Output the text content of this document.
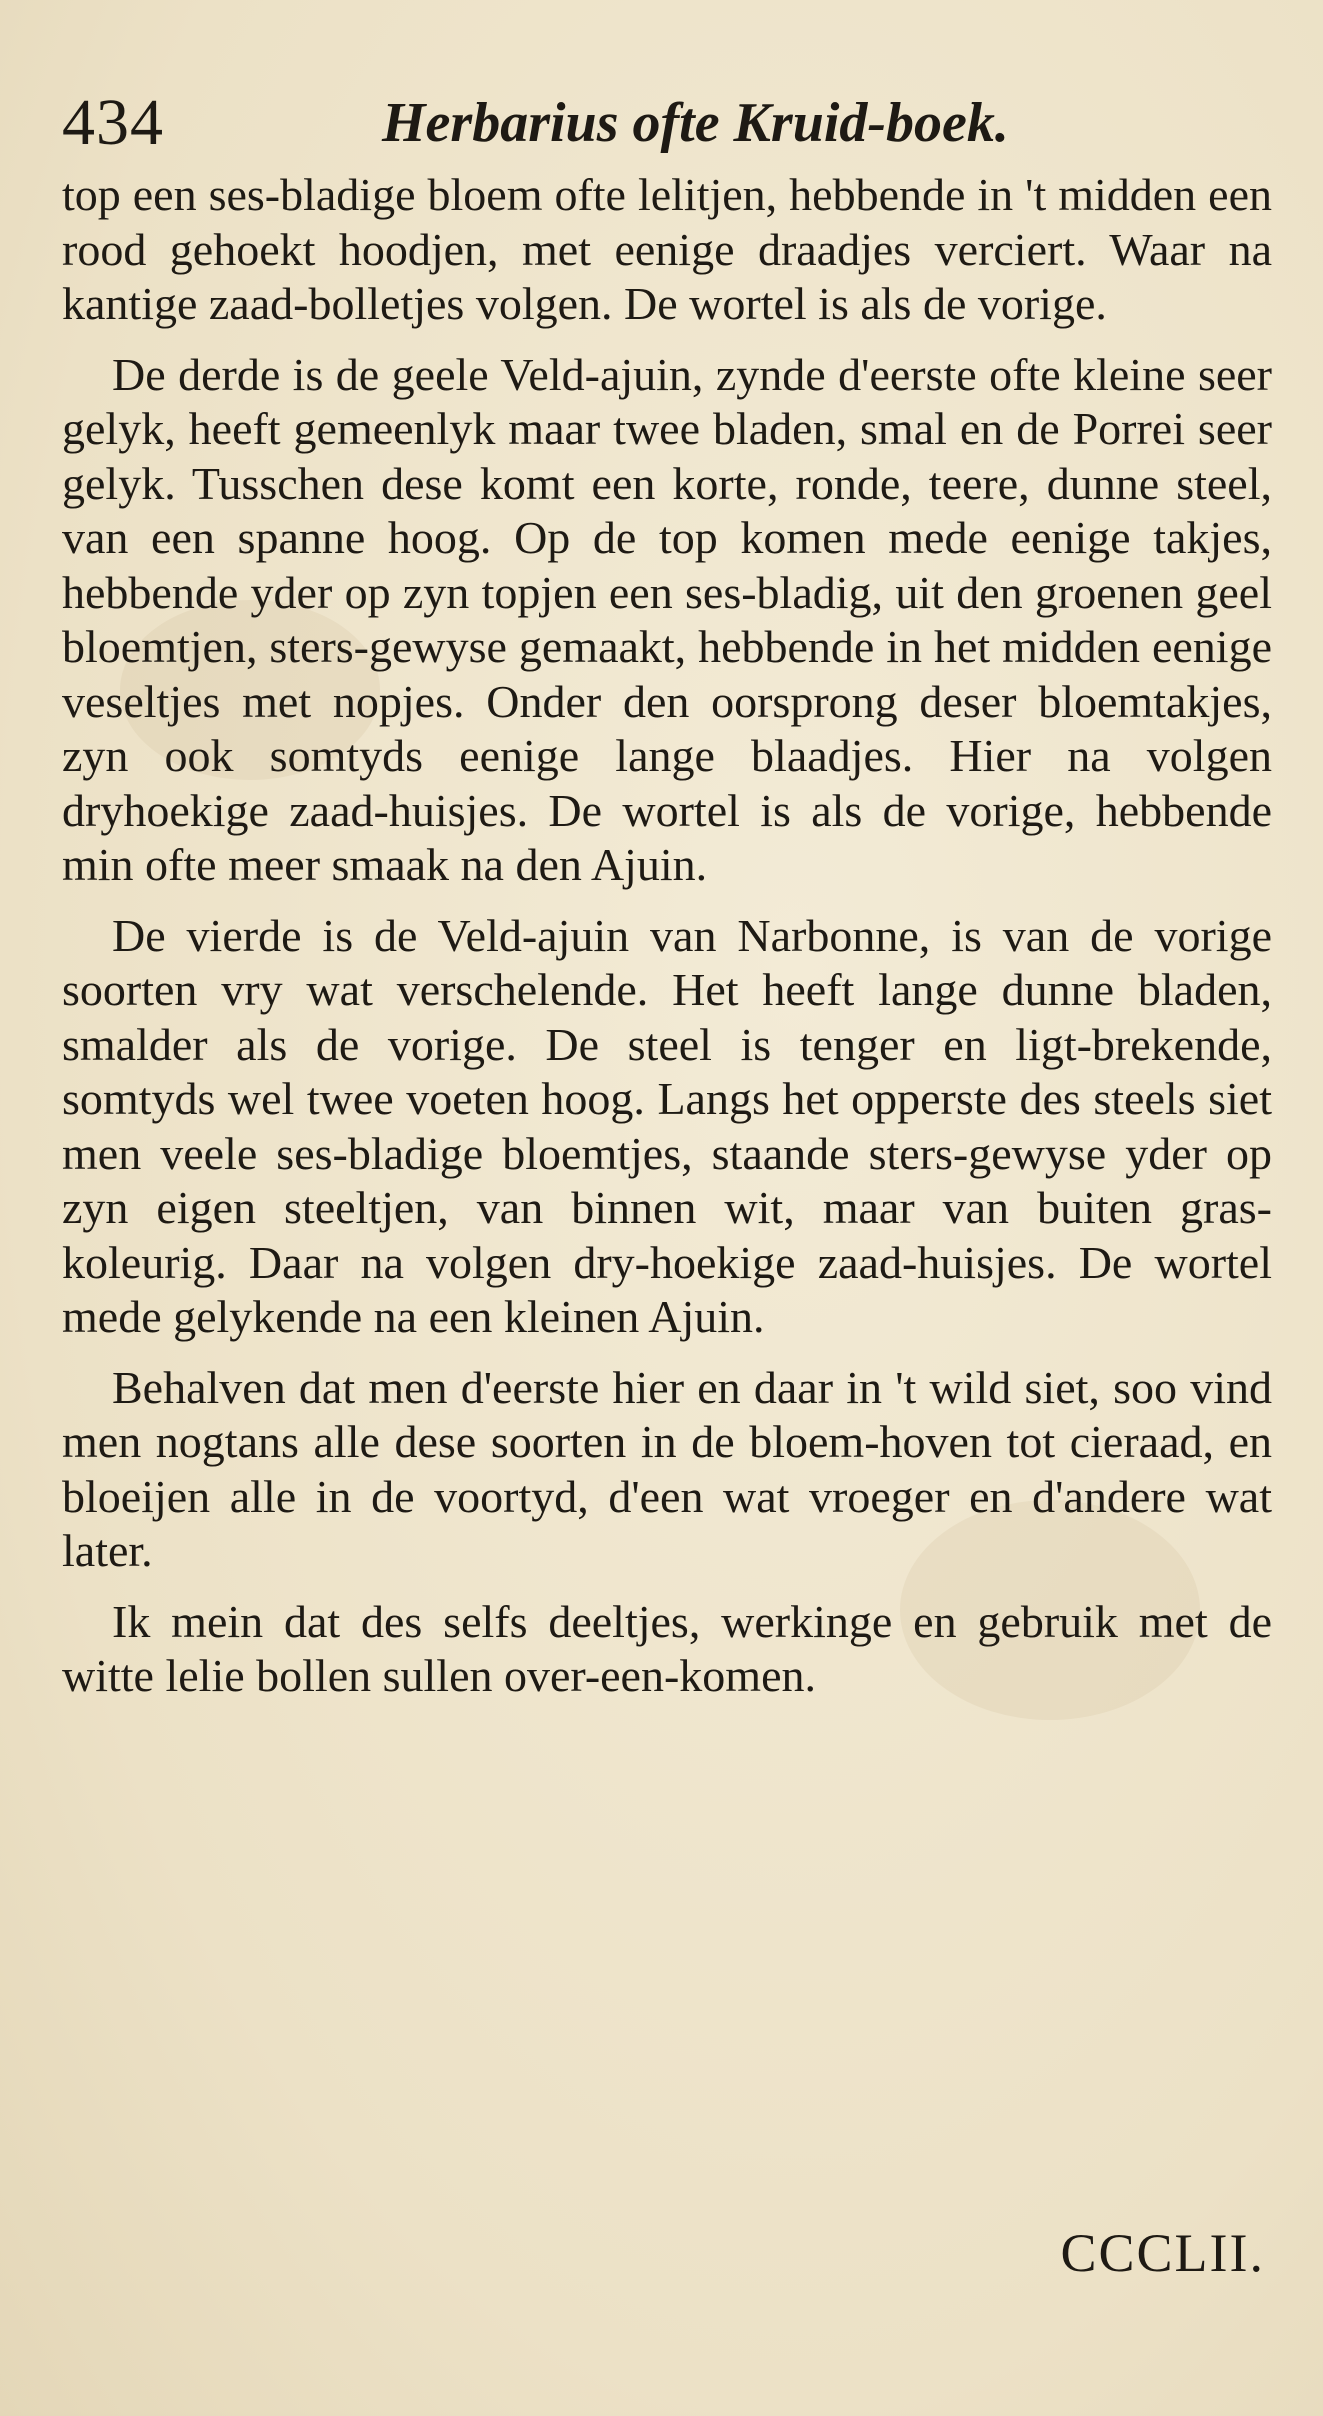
434	Herbarius ofte Kruid-boek.

top een ses-bladige bloem ofte lelitjen, hebbende in 't midden een rood gehoekt hoodjen, met eenige draadjes verciert. Waar na kantige zaad-bolletjes volgen. De wortel is als de vorige.

De derde is de geele Veld-ajuin, zynde d'eerste ofte kleine seer gelyk, heeft gemeenlyk maar twee bladen, smal en de Porrei seer gelyk. Tusschen dese komt een korte, ronde, teere, dunne steel, van een spanne hoog. Op de top komen mede eenige takjes, hebbende yder op zyn topjen een ses-bladig, uit den groenen geel bloemtjen, sters-gewyse gemaakt, hebbende in het midden eenige veseltjes met nopjes. Onder den oorsprong deser bloemtakjes, zyn ook somtyds eenige lange blaadjes. Hier na volgen dryhoekige zaad-huisjes. De wortel is als de vorige, hebbende min ofte meer smaak na den Ajuin.

De vierde is de Veld-ajuin van Narbonne, is van de vorige soorten vry wat verschelende. Het heeft lange dunne bladen, smalder als de vorige. De steel is tenger en ligt-brekende, somtyds wel twee voeten hoog. Langs het opperste des steels siet men veele ses-bladige bloemtjes, staande sters-gewyse yder op zyn eigen steeltjen, van binnen wit, maar van buiten gras-koleurig. Daar na volgen dry-hoekige zaad-huisjes. De wortel mede gelykende na een kleinen Ajuin.

Behalven dat men d'eerste hier en daar in 't wild siet, soo vind men nogtans alle dese soorten in de bloem-hoven tot cieraad, en bloeijen alle in de voortyd, d'een wat vroeger en d'andere wat later.

Ik mein dat des selfs deeltjes, werkinge en gebruik met de witte lelie bollen sullen over-een-komen.

CCCLII.
